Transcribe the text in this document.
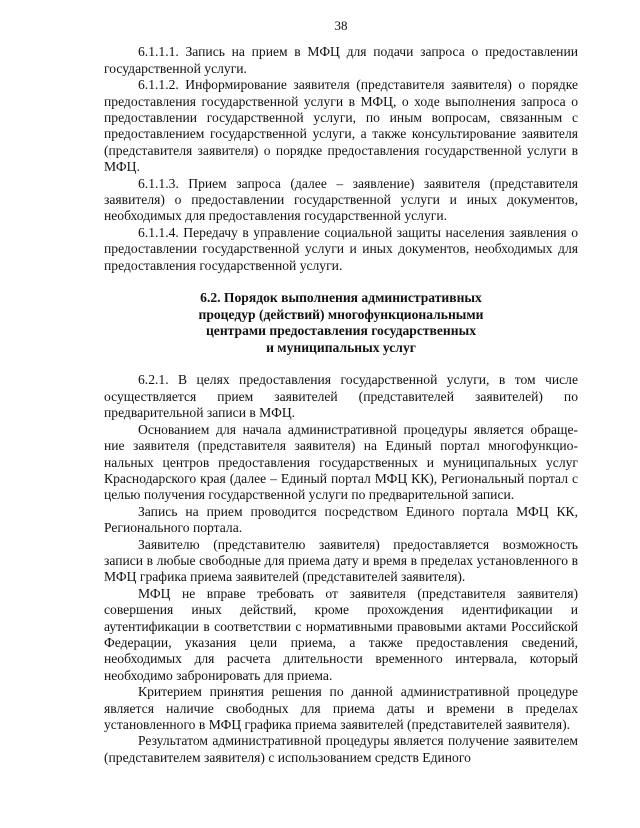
38

6.1.1.1. Запись на прием в МФЦ для подачи запроса о предоставлении государственной услуги.

6.1.1.2. Информирование заявителя (представителя заявителя) о порядке предоставления государственной услуги в МФЦ, о ходе выполнения запроса о предоставлении государственной услуги, по иным вопросам, связанным с предоставлением государственной услуги, а также консультирование заявителя (представителя заявителя) о порядке предоставления государственной услуги в МФЦ.

6.1.1.3. Прием запроса (далее – заявление) заявителя (представителя заявителя) о предоставлении государственной услуги и иных документов, необходимых для предоставления государственной услуги.

6.1.1.4. Передачу в управление социальной защиты населения заявления о предоставлении государственной услуги и иных документов, необходимых для предоставления государственной услуги.

6.2. Порядок выполнения административных
процедур (действий) многофункциональными
центрами предоставления государственных
и муниципальных услуг

6.2.1. В целях предоставления государственной услуги, в том числе осуществляется прием заявителей (представителей заявителей) по предварительной записи в МФЦ.

Основанием для начала административной процедуры является обраще-ние заявителя (представителя заявителя) на Единый портал многофункцио-нальных центров предоставления государственных и муниципальных услуг Краснодарского края (далее – Единый портал МФЦ КК), Региональный портал с целью получения государственной услуги по предварительной записи.

Запись на прием проводится посредством Единого портала МФЦ КК, Регионального портала.

Заявителю (представителю заявителя) предоставляется возможность записи в любые свободные для приема дату и время в пределах установленного в МФЦ графика приема заявителей (представителей заявителя).

МФЦ не вправе требовать от заявителя (представителя заявителя) совершения иных действий, кроме прохождения идентификации и аутентификации в соответствии с нормативными правовыми актами Российской Федерации, указания цели приема, а также предоставления сведений, необходимых для расчета длительности временного интервала, который необходимо забронировать для приема.

Критерием принятия решения по данной административной процедуре является наличие свободных для приема даты и времени в пределах установленного в МФЦ графика приема заявителей (представителей заявителя).

Результатом административной процедуры является получение заявителем (представителем заявителя) с использованием средств Единого
